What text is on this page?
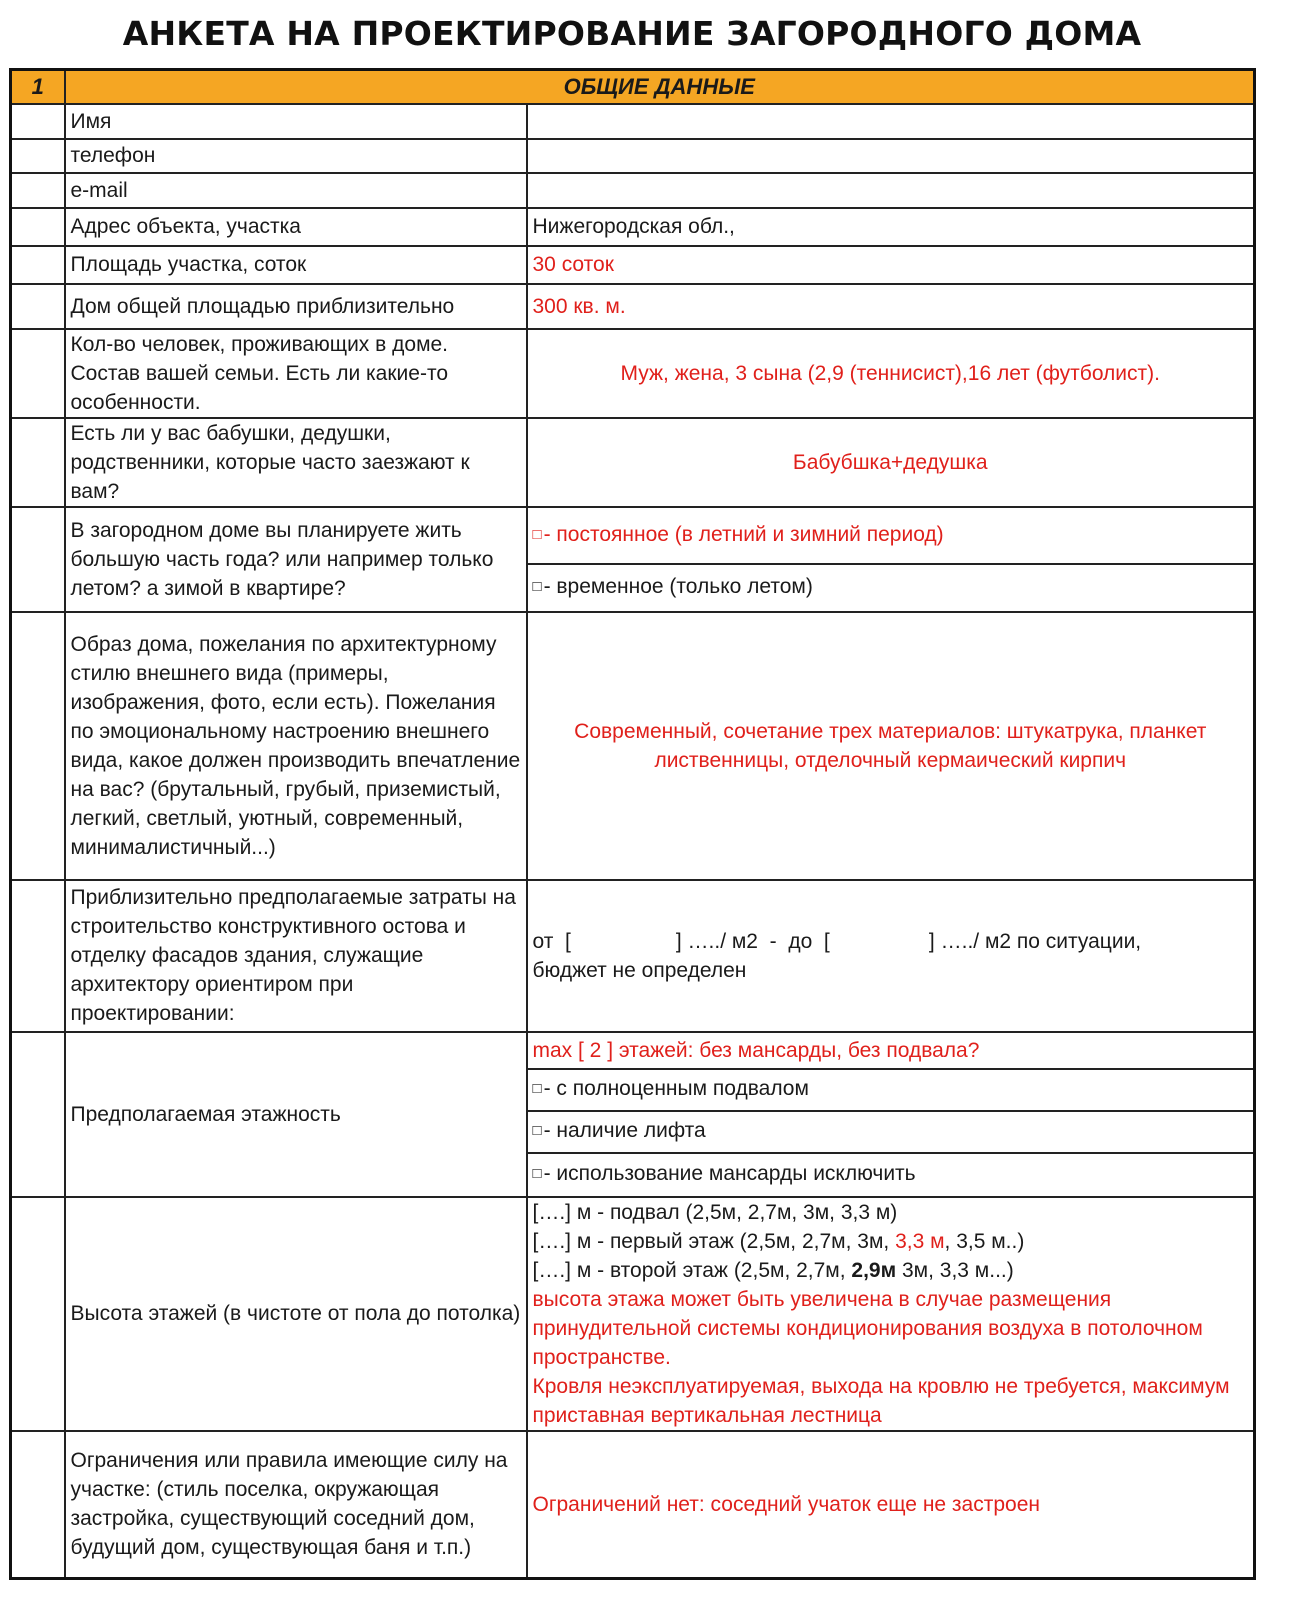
АНКЕТА НА ПРОЕКТИРОВАНИЕ ЗАГОРОДНОГО ДОМА
1	ОБЩИЕ ДАННЫЕ	
	Имя	
	телефон	
	e-mail	
	Адрес объекта, участка	Нижегородская обл.,
	Площадь участка, соток	30 соток
	Дом общей площадью приблизительно	300 кв. м.
	Кол-во человек, проживающих в доме. Состав вашей семьи. Есть ли какие-то особенности.	Муж, жена, 3 сына (2,9 (теннисист),16 лет (футболист).
	Есть ли у вас бабушки, дедушки, родственники, которые часто заезжают к вам?	Бабубшка+дедушка
	В загородном доме вы планируете жить большую часть года? или например только летом? а зимой в квартире?	□- постоянное (в летний и зимний период)
		□- временное (только летом)
	Образ дома, пожелания по архитектурному стилю внешнего вида (примеры, изображения, фото, если есть). Пожелания по эмоциональному настроению внешнего вида, какое должен производить впечатление на вас? (брутальный, грубый, приземистый, легкий, светлый, уютный, современный, минималистичный...)	Современный, сочетание трех материалов: штукатрука, планкет лиственницы, отделочный кермаический кирпич
	Приблизительно предполагаемые затраты на строительство конструктивного остова и отделку фасадов здания, служащие архитектору ориентиром при проектировании:	от  [                  ] …../ м2  -  до  [                 ] …../ м2 по ситуации,
бюджет не определен

	Предполагаемая этажность	max [ 2 ] этажей: без мансарды, без подвала?
		□- с полноценным подвалом
		□- наличие лифта
		□- использование мансарды исключить
	Высота этажей (в чистоте от пола до потолка)	[….] м - подвал (2,5м, 2,7м, 3м, 3,3 м)
[….] м - первый этаж (2,5м, 2,7м, 3м, 3,3 м, 3,5 м..)
[….] м - второй этаж (2,5м, 2,7м, 2,9м 3м, 3,3 м...)
высота этажа может быть увеличена в случае размещения принудительной системы кондиционирования воздуха в потолочном пространстве.
Кровля неэксплуатируемая, выхода на кровлю не требуется, максимум приставная вертикальная лестница

	Ограничения или правила имеющие силу на участке: (стиль поселка, окружающая застройка, существующий соседний дом, будущий дом, существующая баня и т.п.)	Ограничений нет: соседний учаток еще не застроен
